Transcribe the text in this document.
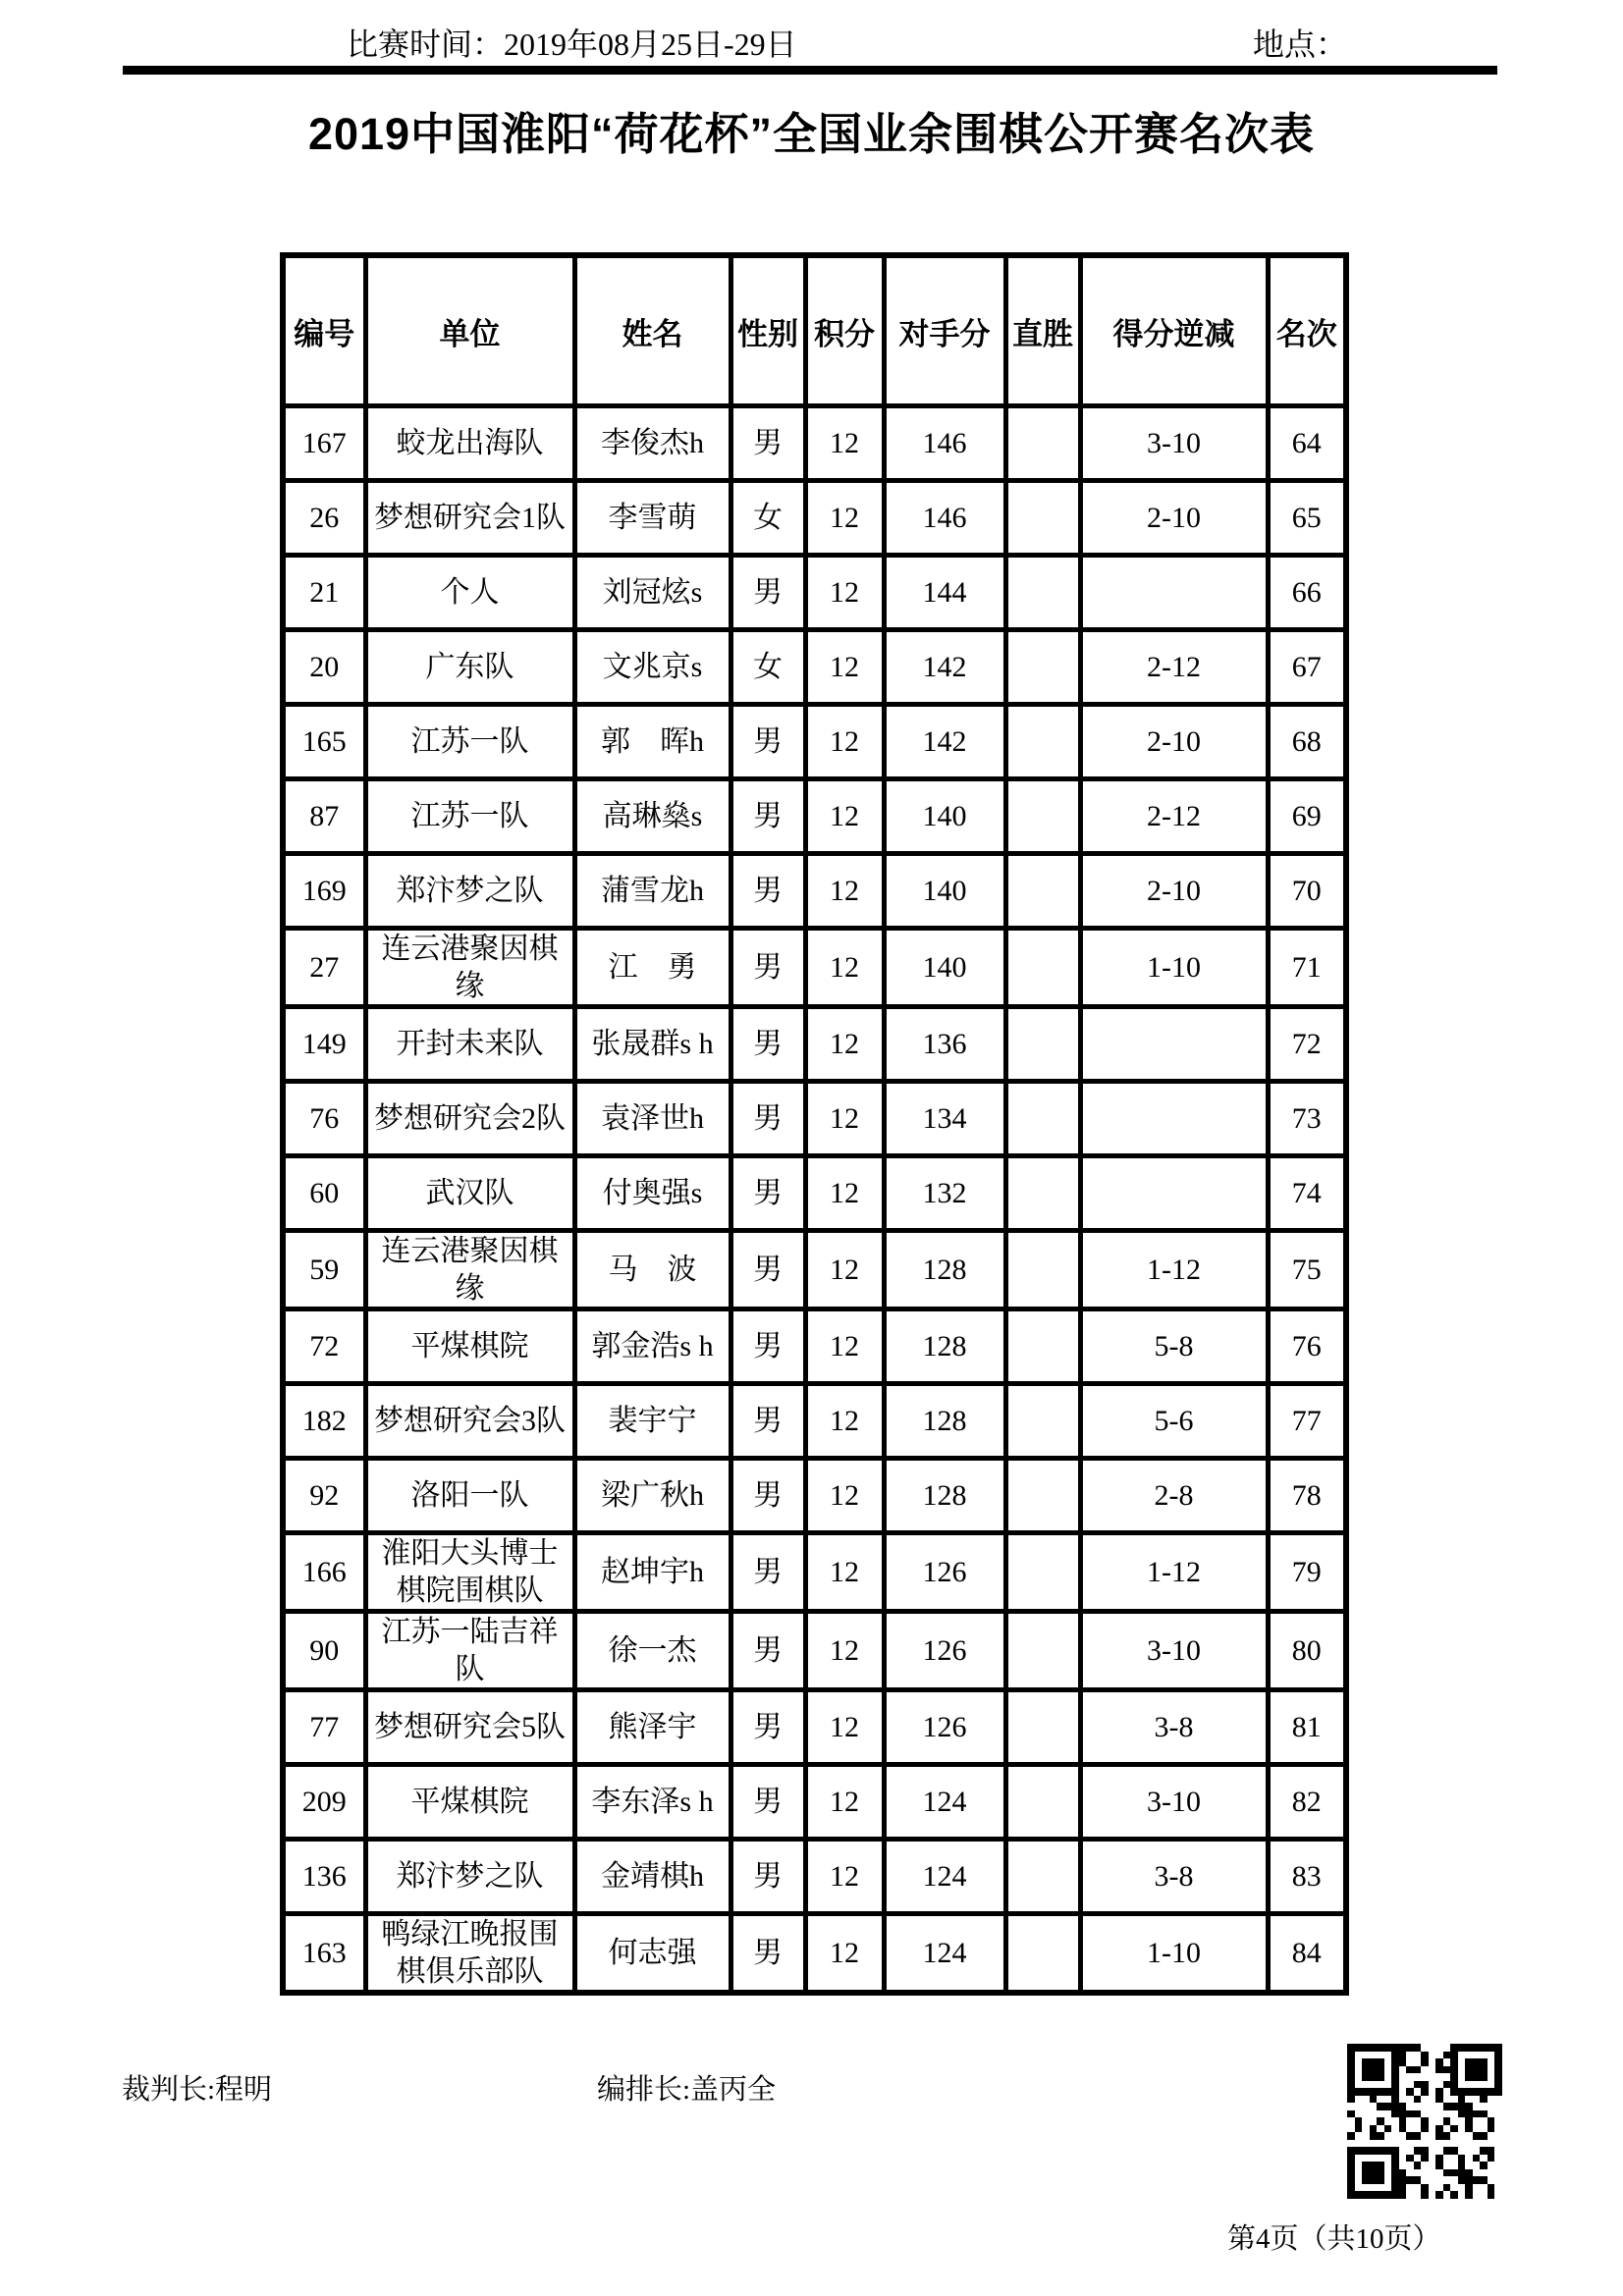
比赛时间：2019年08月25日-29日	地点：
2019中国淮阳“荷花杯”全国业余围棋公开赛名次表
编号	单位	姓名	性别	积分	对手分	直胜	得分逆减	名次
167	蛟龙出海队	李俊杰h	男	12	146		3-10	64
26	梦想研究会1队	李雪萌	女	12	146		2-10	65
21	个人	刘冠炫s	男	12	144			66
20	广东队	文兆京s	女	12	142		2-12	67
165	江苏一队	郭　晖h	男	12	142		2-10	68
87	江苏一队	高琳燊s	男	12	140		2-12	69
169	郑汴梦之队	蒲雪龙h	男	12	140		2-10	70
27	连云港聚因棋缘	江　勇	男	12	140		1-10	71
149	开封未来队	张晟群s h	男	12	136			72
76	梦想研究会2队	袁泽世h	男	12	134			73
60	武汉队	付奥强s	男	12	132			74
59	连云港聚因棋缘	马　波	男	12	128		1-12	75
72	平煤棋院	郭金浩s h	男	12	128		5-8	76
182	梦想研究会3队	裴宇宁	男	12	128		5-6	77
92	洛阳一队	梁广秋h	男	12	128		2-8	78
166	淮阳大头博士棋院围棋队	赵坤宇h	男	12	126		1-12	79
90	江苏一陆吉祥队	徐一杰	男	12	126		3-10	80
77	梦想研究会5队	熊泽宇	男	12	126		3-8	81
209	平煤棋院	李东泽s h	男	12	124		3-10	82
136	郑汴梦之队	金靖棋h	男	12	124		3-8	83
163	鸭绿江晚报围棋俱乐部队	何志强	男	12	124		1-10	84
裁判长:程明	编排长:盖丙全
第4页（共10页）
